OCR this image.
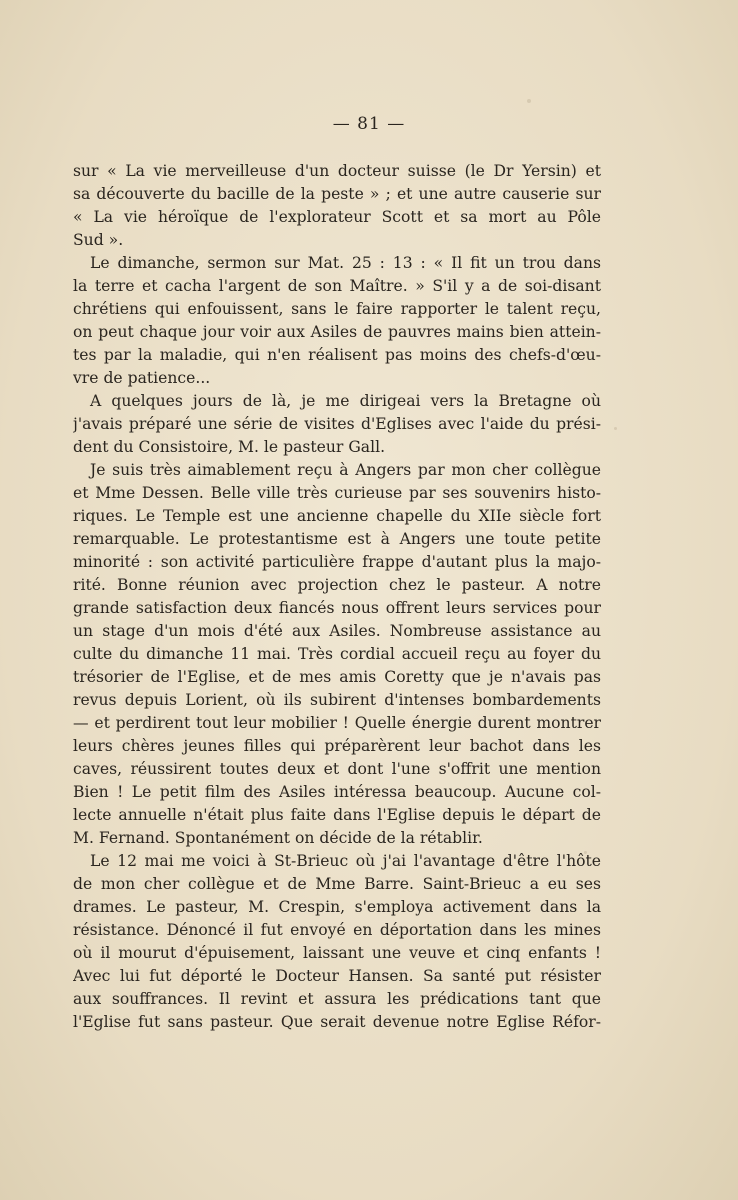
— 81 —
sur « La vie merveilleuse d'un docteur suisse (le Dr Yersin) et
sa découverte du bacille de la peste » ; et une autre causerie sur
« La vie héroïque de l'explorateur Scott et sa mort au Pôle
Sud ».
Le dimanche, sermon sur Mat. 25 : 13 : « Il fit un trou dans
la terre et cacha l'argent de son Maître. » S'il y a de soi-disant
chrétiens qui enfouissent, sans le faire rapporter le talent reçu,
on peut chaque jour voir aux Asiles de pauvres mains bien attein-
tes par la maladie, qui n'en réalisent pas moins des chefs-d'œu-
vre de patience...
A quelques jours de là, je me dirigeai vers la Bretagne où
j'avais préparé une série de visites d'Eglises avec l'aide du prési-
dent du Consistoire, M. le pasteur Gall.
Je suis très aimablement reçu à Angers par mon cher collègue
et Mme Dessen. Belle ville très curieuse par ses souvenirs histo-
riques. Le Temple est une ancienne chapelle du XIIe siècle fort
remarquable. Le protestantisme est à Angers une toute petite
minorité : son activité particulière frappe d'autant plus la majo-
rité. Bonne réunion avec projection chez le pasteur. A notre
grande satisfaction deux fiancés nous offrent leurs services pour
un stage d'un mois d'été aux Asiles. Nombreuse assistance au
culte du dimanche 11 mai. Très cordial accueil reçu au foyer du
trésorier de l'Eglise, et de mes amis Coretty que je n'avais pas
revus depuis Lorient, où ils subirent d'intenses bombardements
— et perdirent tout leur mobilier ! Quelle énergie durent montrer
leurs chères jeunes filles qui préparèrent leur bachot dans les
caves, réussirent toutes deux et dont l'une s'offrit une mention
Bien ! Le petit film des Asiles intéressa beaucoup. Aucune col-
lecte annuelle n'était plus faite dans l'Eglise depuis le départ de
M. Fernand. Spontanément on décide de la rétablir.
Le 12 mai me voici à St-Brieuc où j'ai l'avantage d'être l'hôte
de mon cher collègue et de Mme Barre. Saint-Brieuc a eu ses
drames. Le pasteur, M. Crespin, s'employa activement dans la
résistance. Dénoncé il fut envoyé en déportation dans les mines
où il mourut d'épuisement, laissant une veuve et cinq enfants !
Avec lui fut déporté le Docteur Hansen. Sa santé put résister
aux souffrances. Il revint et assura les prédications tant que
l'Eglise fut sans pasteur. Que serait devenue notre Eglise Réfor-
